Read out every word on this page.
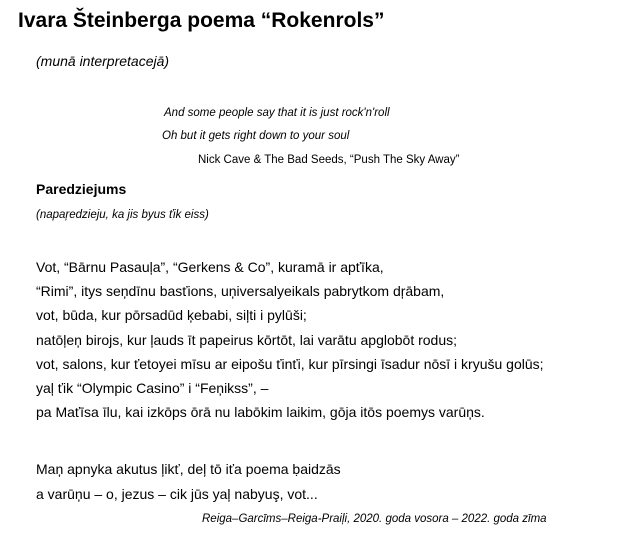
Ivara Šteinberga poema “Rokenrols”
(munā interpretacejā)
And some people say that it is just rock'n'roll
Oh but it gets right down to your soul
Nick Cave & The Bad Seeds, “Push The Sky Away”
Paredziejums
(napaŗedzieju, ka jis byus ťik eiss)
Vot, “Bārnu Pasauļa”, “Gerkens & Co”, kuramā ir apťīka,
“Rimi”, itys seņdīnu basťions, uņiversalyeikals pabrytkom dŗābam,
vot, būda, kur pōrsadūd ķebabi, siļti i pylūši;
natōļeņ birojs, kur ļauds īt papeirus kōrtōt, lai varātu apglobōt rodus;
vot, salons, kur ťetoyei mīsu ar eipošu ťinťi, kur pīrsingi īsadur nōsī i kryušu golūs;
yaļ ťik “Olympic Casino” i “Feņikss”, –
pa Maťīsa īlu, kai izkōps ōrā nu labōkim laikim, gōja itōs poemys varūņs.
Maņ apnyka akutus ļikť, deļ tō iťa poema ḅaidzās
a varūņu – o, jezus – cik jūs yaļ nabyuş, vot...
Reiga–Garcīms–Reiga-Praiļi, 2020. goda vosora – 2022. goda zīma
